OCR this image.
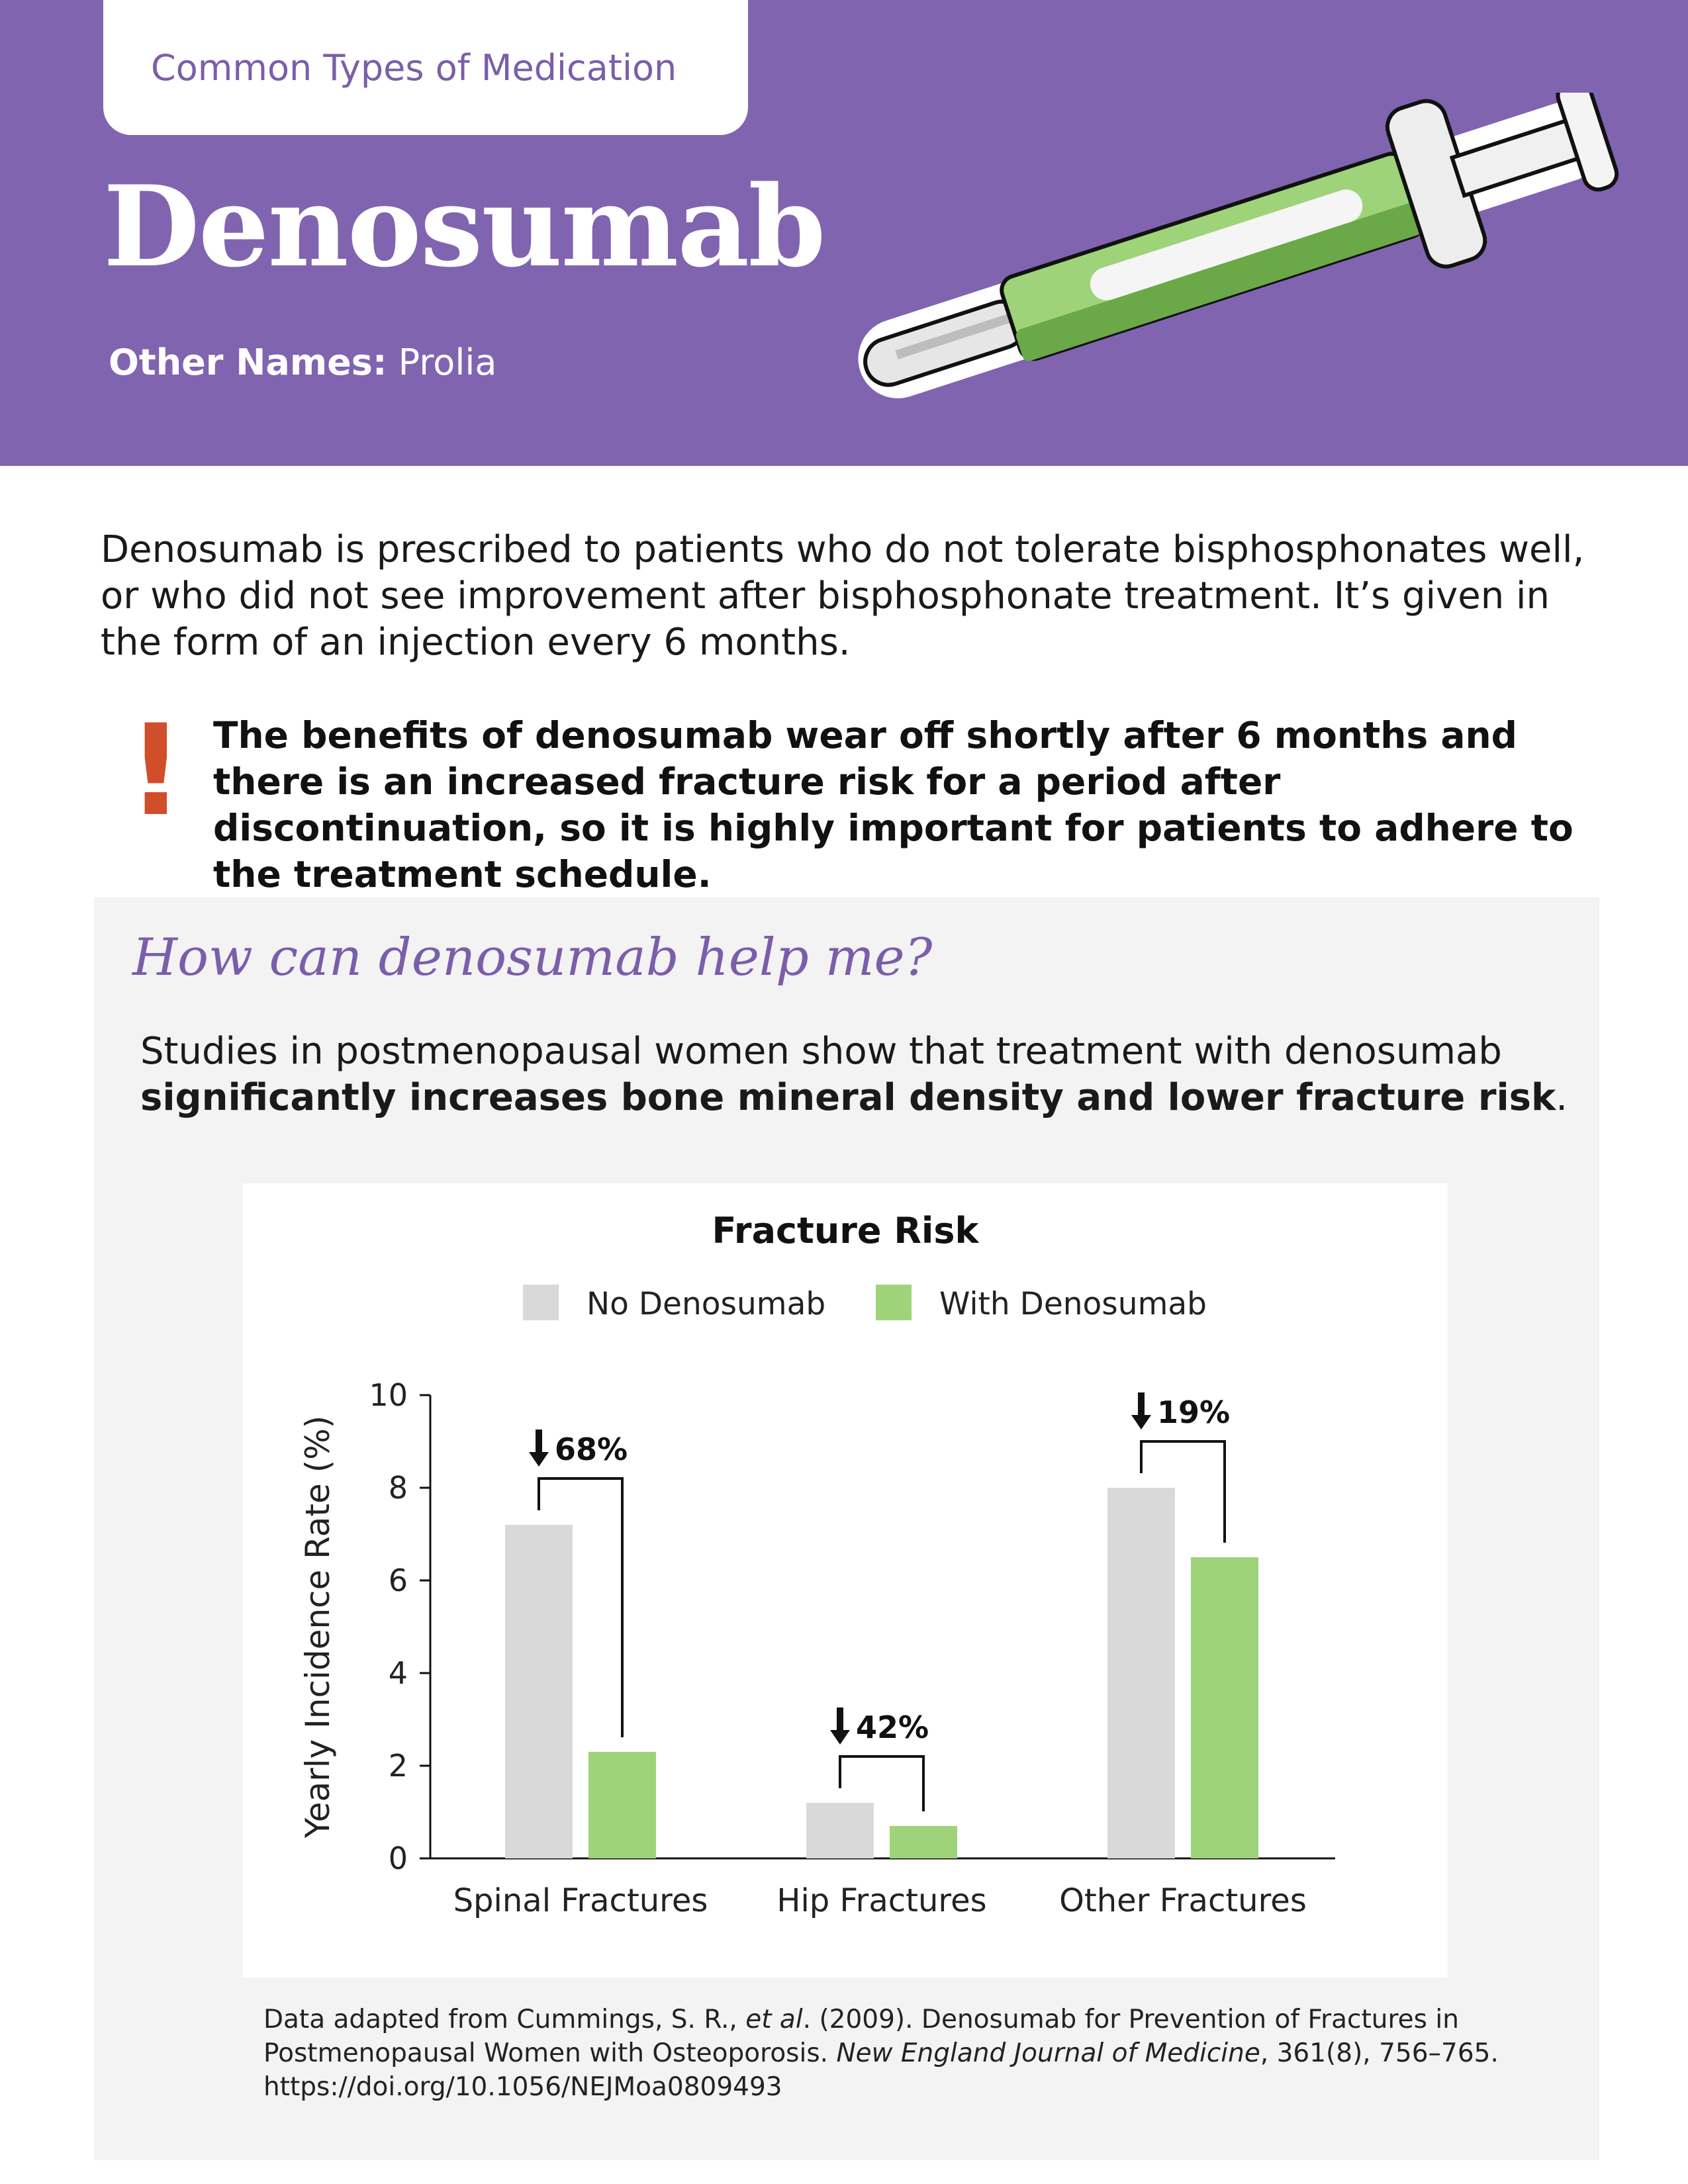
Common Types of Medication
Denosumab
Other Names: Prolia

Denosumab is prescribed to patients who do not tolerate bisphosphonates well, or who did not see improvement after bisphosphonate treatment. It’s given in the form of an injection every 6 months.

! The benefits of denosumab wear off shortly after 6 months and there is an increased fracture risk for a period after discontinuation, so it is highly important for patients to adhere to the treatment schedule.

How can denosumab help me?

Studies in postmenopausal women show that treatment with denosumab significantly increases bone mineral density and lower fracture risk.

Fracture Risk
No Denosumab	With Denosumab
0
2
4
6
8
10
Yearly Incidence Rate (%)
Spinal Fractures
68%
Hip Fractures
42%
Other Fractures
19%

Data adapted from Cummings, S. R., et al. (2009). Denosumab for Prevention of Fractures in Postmenopausal Women with Osteoporosis. New England Journal of Medicine, 361(8), 756–765. https://doi.org/10.1056/NEJMoa0809493
